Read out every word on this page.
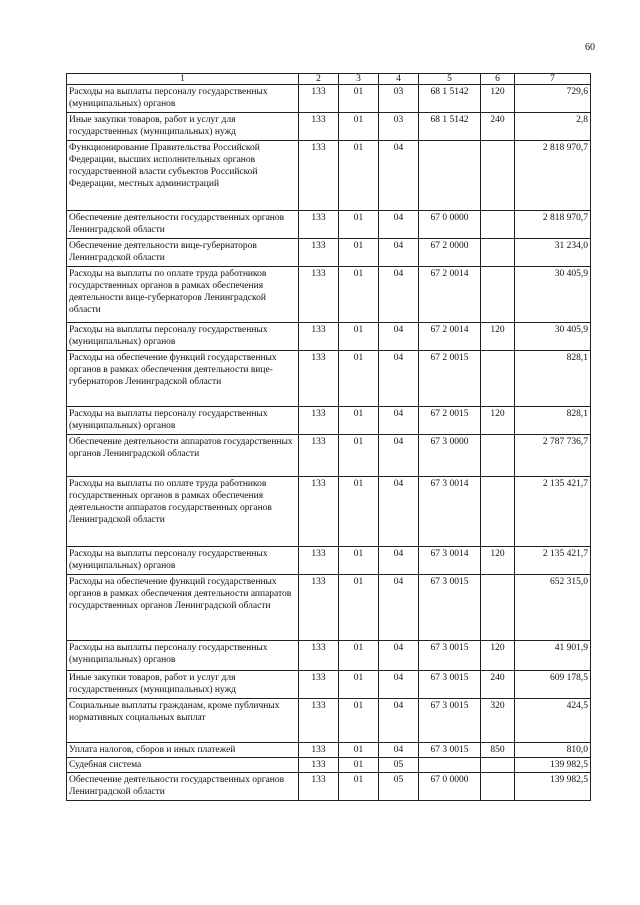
60
1	2	3	4	5	6	7
Расходы на выплаты персоналу государственных (муниципальных) органов	133	01	03	68 1 5142	120	729,6
Иные закупки товаров, работ и услуг для государственных (муниципальных) нужд	133	01	03	68 1 5142	240	2,8
Функционирование Правительства Российской Федерации, высших исполнительных органов государственной власти субъектов Российской Федерации, местных администраций	133	01	04			2 818 970,7
Обеспечение деятельности государственных органов Ленинградской области	133	01	04	67 0 0000		2 818 970,7
Обеспечение деятельности вице-губернаторов Ленинградской области	133	01	04	67 2 0000		31 234,0
Расходы на выплаты по оплате труда работников государственных органов в рамках обеспечения деятельности вице-губернаторов Ленинградской области	133	01	04	67 2 0014		30 405,9
Расходы на выплаты персоналу государственных (муниципальных) органов	133	01	04	67 2 0014	120	30 405,9
Расходы на обеспечение функций государственных органов в рамках обеспечения деятельности вице-губернаторов Ленинградской области	133	01	04	67 2 0015		828,1
Расходы на выплаты персоналу государственных (муниципальных) органов	133	01	04	67 2 0015	120	828,1
Обеспечение деятельности аппаратов государственных органов Ленинградской области	133	01	04	67 3 0000		2 787 736,7
Расходы на выплаты по оплате труда работников государственных органов в рамках обеспечения деятельности аппаратов государственных органов Ленинградской области	133	01	04	67 3 0014		2 135 421,7
Расходы на выплаты персоналу государственных (муниципальных) органов	133	01	04	67 3 0014	120	2 135 421,7
Расходы на обеспечение функций государственных органов в рамках обеспечения деятельности аппаратов государственных органов Ленинградской области	133	01	04	67 3 0015		652 315,0
Расходы на выплаты персоналу государственных (муниципальных) органов	133	01	04	67 3 0015	120	41 901,9
Иные закупки товаров, работ и услуг для государственных (муниципальных) нужд	133	01	04	67 3 0015	240	609 178,5
Социальные выплаты гражданам, кроме публичных нормативных социальных выплат	133	01	04	67 3 0015	320	424,5
Уплата налогов, сборов и иных платежей	133	01	04	67 3 0015	850	810,0
Судебная система	133	01	05			139 982,5
Обеспечение деятельности государственных органов Ленинградской области	133	01	05	67 0 0000		139 982,5
